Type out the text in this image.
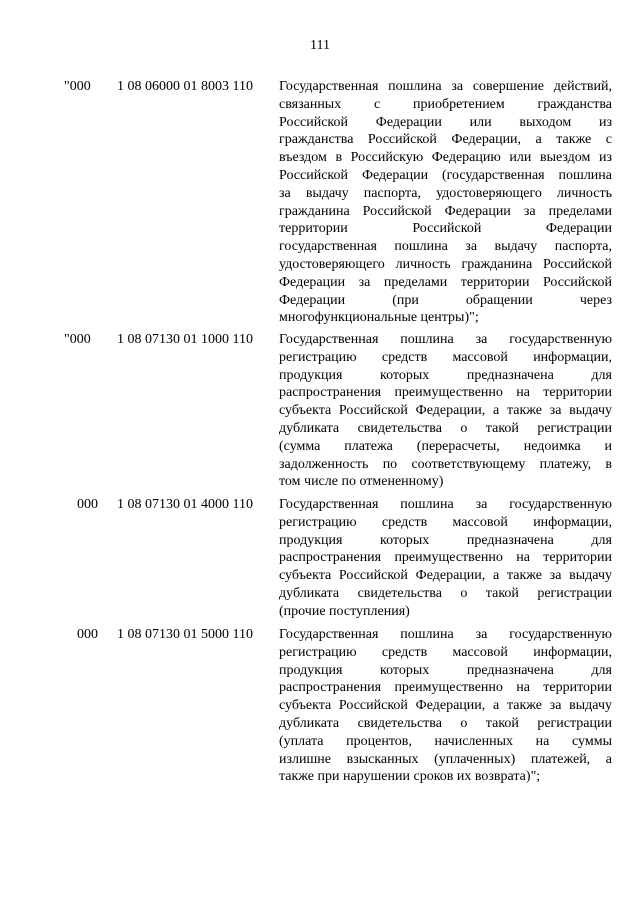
111
"000 1 08 06000 01 8003 110 Государственная пошлина за совершение действий,
связанных с приобретением гражданства
Российской Федерации или выходом из
гражданства Российской Федерации, а также с
въездом в Российскую Федерацию или выездом из
Российской Федерации (государственная пошлина
за выдачу паспорта, удостоверяющего личность
гражданина Российской Федерации за пределами
территории Российской Федерации
государственная пошлина за выдачу паспорта,
удостоверяющего личность гражданина Российской
Федерации за пределами территории Российской
Федерации (при обращении через
многофункциональные центры)";
"000 1 08 07130 01 1000 110 Государственная пошлина за государственную
регистрацию средств массовой информации,
продукция которых предназначена для
распространения преимущественно на территории
субъекта Российской Федерации, а также за выдачу
дубликата свидетельства о такой регистрации
(сумма платежа (перерасчеты, недоимка и
задолженность по соответствующему платежу, в
том числе по отмененному)
000 1 08 07130 01 4000 110 Государственная пошлина за государственную
регистрацию средств массовой информации,
продукция которых предназначена для
распространения преимущественно на территории
субъекта Российской Федерации, а также за выдачу
дубликата свидетельства о такой регистрации
(прочие поступления)
000 1 08 07130 01 5000 110 Государственная пошлина за государственную
регистрацию средств массовой информации,
продукция которых предназначена для
распространения преимущественно на территории
субъекта Российской Федерации, а также за выдачу
дубликата свидетельства о такой регистрации
(уплата процентов, начисленных на суммы
излишне взысканных (уплаченных) платежей, а
также при нарушении сроков их возврата)";
